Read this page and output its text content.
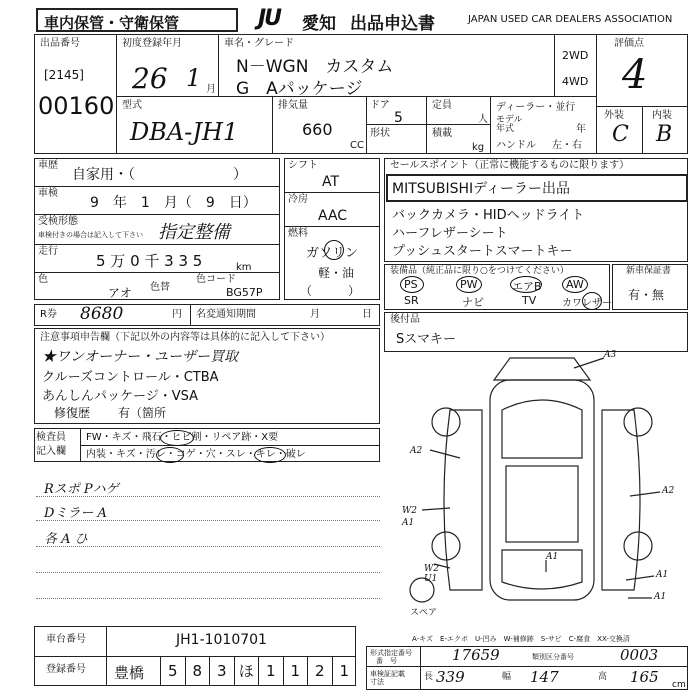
車内保管・守衛保管	JU 愛知 出品申込書	JAPAN USED CAR DEALERS ASSOCIATION
出品番号
[2145]
00160
初度登録年月
26 1 月
車名・グレード
N－WGN　カスタム
G　Aパッケージ
2WD
4WD
評価点
4
外装	内装
C B
型式
DBA-JH1
排気量
660
CC
ドア
5
定員
人
形状	積載
kg
ディーラー・並行
モデル
年式	年
ハンドル 左・右
車歴
自家用・（　　　　　　　）
車検
9　年　1　月（　9　日）
受検形態
車検付きの場合は記入して下さい 指定整備
走行
5 万 0 千 3 3 5	km
色
アオ 色替
色コード
BG57P
シフト
AT
冷房
AAC
燃料
ガソリン
軽・油
（　　　）
セールスポイント（正常に機能するものに限ります）
MITSUBISHIディーラー出品
バックカメラ・HIDヘッドライト
ハーフレザーシート
プッシュスタートスマートキー
装備品（純正品に限り○をつけてください）
PS	PW	エアB AW
SR	ナビ	TV	カワレザー
新車保証書
有・無
後付品
Sスマキー
R券 8680	円 名変通知期間	月	日
注意事項申告欄（下記以外の内容等は具体的に記入して下さい）
★ワンオーナー・ユーザー買取
クルーズコントロール・CTBA
あんしんパッケージ・VSA
修復歴 有（箇所
検査員
記入欄
FW・キズ・飛石・ヒビ割・リペア跡・X要
内装・キズ・汚レ・コゲ・穴・スレ・キレ・破レ
Rスポ Pハゲ
Dミラー A
各 A ひ
A3
A2
A2
W2
A1
A1
A1
A1
W2
U1
スペア
A-キズ　E-エクボ　U-凹み　W-補修跡　S-サビ　C-腐食　XX-交換済
形式指定番号
番　号	17659	類別区分番号	0003
車検証記載
寸法	長 339	幅 147	高 165 cm
車台番号	JH1-1010701
登録番号 豊橋	5 8 3 ほ 1 1 2 1
